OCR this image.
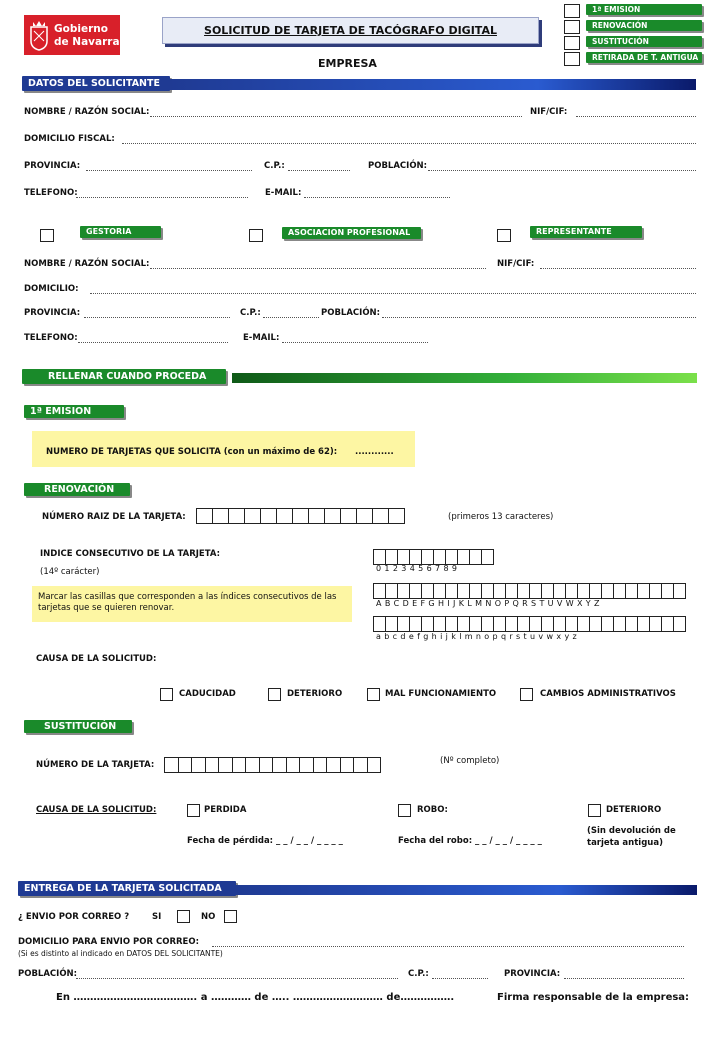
Gobierno
de Navarra
SOLICITUD DE TARJETA DE TACÓGRAFO DIGITAL
EMPRESA
1ª EMISION
RENOVACIÓN
SUSTITUCIÓN
RETIRADA DE T. ANTIGUA
DATOS DEL SOLICITANTE
NOMBRE / RAZÓN SOCIAL:	NIF/CIF:
DOMICILIO FISCAL:
PROVINCIA:	C.P.:	POBLACIÓN:
TELEFONO:	E-MAIL:
GESTORIA	ASOCIACION PROFESIONAL	REPRESENTANTE
NOMBRE / RAZÓN SOCIAL:	NIF/CIF:
DOMICILIO:
PROVINCIA:	C.P.:	POBLACIÓN:
TELEFONO:	E-MAIL:
RELLENAR CUANDO PROCEDA
1ª EMISION
NUMERO DE TARJETAS QUE SOLICITA (con un máximo de 62): ............
RENOVACIÓN
NÚMERO RAIZ DE LA TARJETA:	(primeros 13 caracteres)
INDICE CONSECUTIVO DE LA TARJETA:
(14º carácter)	0 1 2 3 4 5 6 7 8 9
Marcar las casillas que corresponden a las índices consecutivos de las tarjetas que se quieren renovar.	A B C D E F G H I J K L M N O P Q R S T U V W X Y Z
a b c d e f g h i j k l m n o p q r s t u v w x y z
CAUSA DE LA SOLICITUD:
CADUCIDAD	DETERIORO	MAL FUNCIONAMIENTO	CAMBIOS ADMINISTRATIVOS
SUSTITUCIÓN
NÚMERO DE LA TARJETA:	(Nº completo)
CAUSA DE LA SOLICITUD:	PERDIDA	ROBO:	DETERIORO
Fecha de pérdida: _ _ / _ _ / _ _ _ _	Fecha del robo: _ _ / _ _ / _ _ _ _
(Sin devolución de
tarjeta antigua)
ENTREGA DE LA TARJETA SOLICITADA
¿ ENVIO POR CORREO ?	SI	NO
DOMICILIO PARA ENVIO POR CORREO:
(Si es distinto al indicado en DATOS DEL SOLICITANTE)
POBLACIÓN:	C.P.:	PROVINCIA:
En ………………………………. a ………… de ….. ……………………… de…………….	Firma responsable de la empresa:
